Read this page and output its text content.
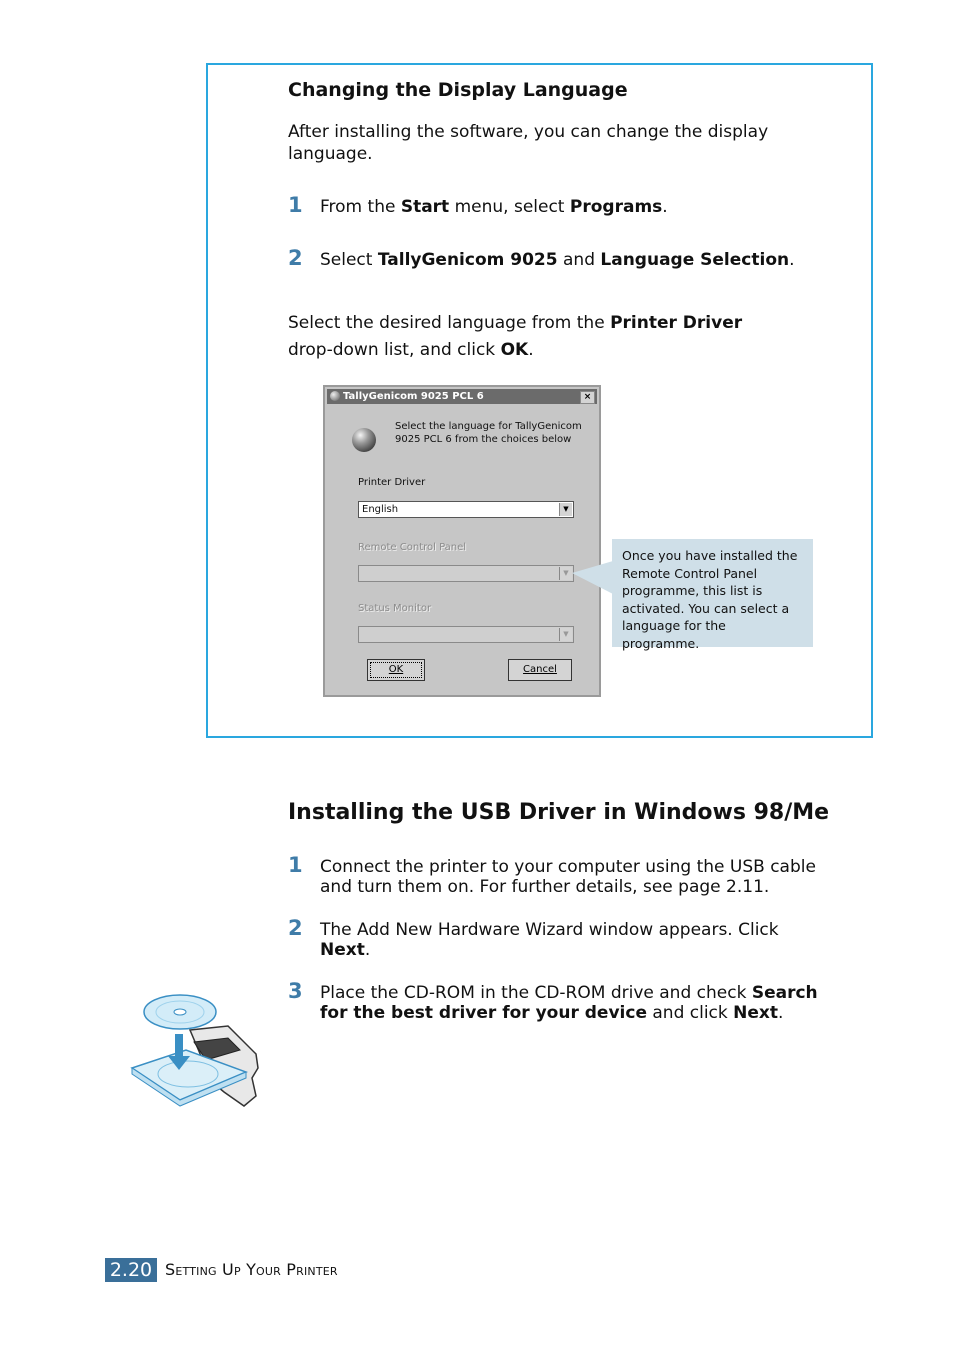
Changing the Display Language
After installing the software, you can change the display language.
1 From the Start menu, select Programs.
2 Select TallyGenicom 9025 and Language Selection.
Select the desired language from the Printer Driver
drop-down list, and click OK.
TallyGenicom 9025 PCL 6	×
Select the language for TallyGenicom
9025 PCL 6 from the choices below
Printer Driver
English	▼
Remote Control Panel
▼
Status Monitor
▼
OK	Cancel
Once you have installed the
Remote Control Panel
programme, this list is
activated. You can select a
language for the programme.
Installing the USB Driver in Windows 98/Me
1 Connect the printer to your computer using the USB cable
and turn them on. For further details, see page 2.11.
2 The Add New Hardware Wizard window appears. Click
Next.
3 Place the CD-ROM in the CD-ROM drive and check Search
for the best driver for your device and click Next.
2.20 Setting Up Your Printer
